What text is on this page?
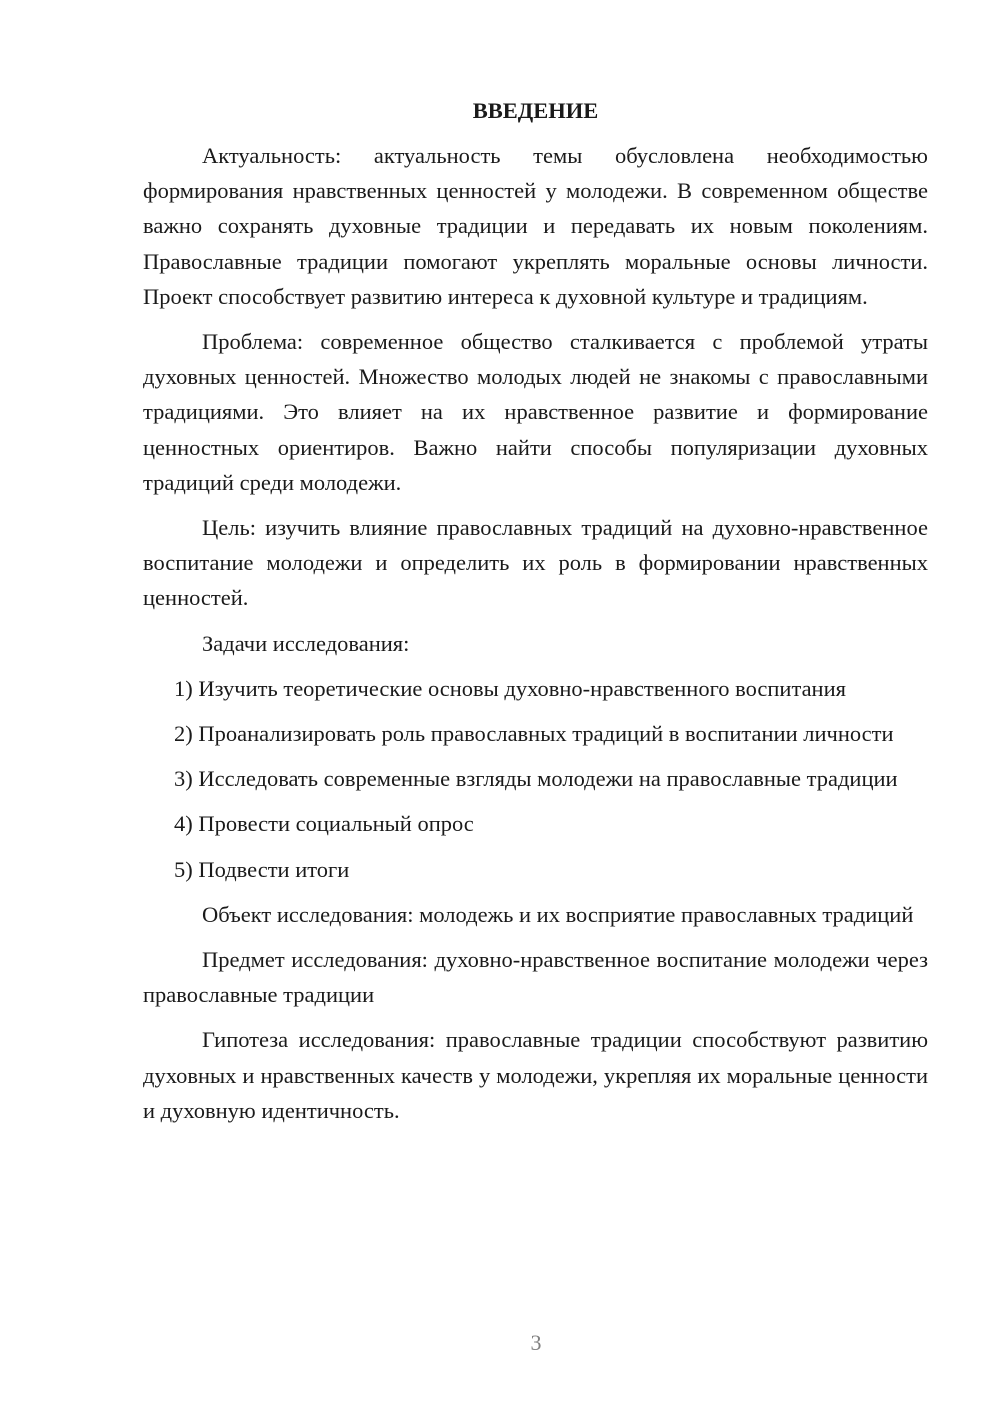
ВВЕДЕНИЕ

Актуальность: актуальность темы обусловлена необходимостью формирования нравственных ценностей у молодежи. В современном обществе важно сохранять духовные традиции и передавать их новым поколениям. Православные традиции помогают укреплять моральные основы личности. Проект способствует развитию интереса к духовной культуре и традициям.

Проблема: современное общество сталкивается с проблемой утраты духовных ценностей. Множество молодых людей не знакомы с православными традициями. Это влияет на их нравственное развитие и формирование ценностных ориентиров. Важно найти способы популяризации духовных традиций среди молодежи.

Цель: изучить влияние православных традиций на духовно-нравственное воспитание молодежи и определить их роль в формировании нравственных ценностей.

Задачи исследования:

1) Изучить теоретические основы духовно-нравственного воспитания

2) Проанализировать роль православных традиций в воспитании личности

3) Исследовать современные взгляды молодежи на православные традиции

4) Провести социальный опрос

5) Подвести итоги

Объект исследования: молодежь и их восприятие православных традиций

Предмет исследования: духовно-нравственное воспитание молодежи через православные традиции

Гипотеза исследования: православные традиции способствуют развитию духовных и нравственных качеств у молодежи, укрепляя их моральные ценности и духовную идентичность.

3
